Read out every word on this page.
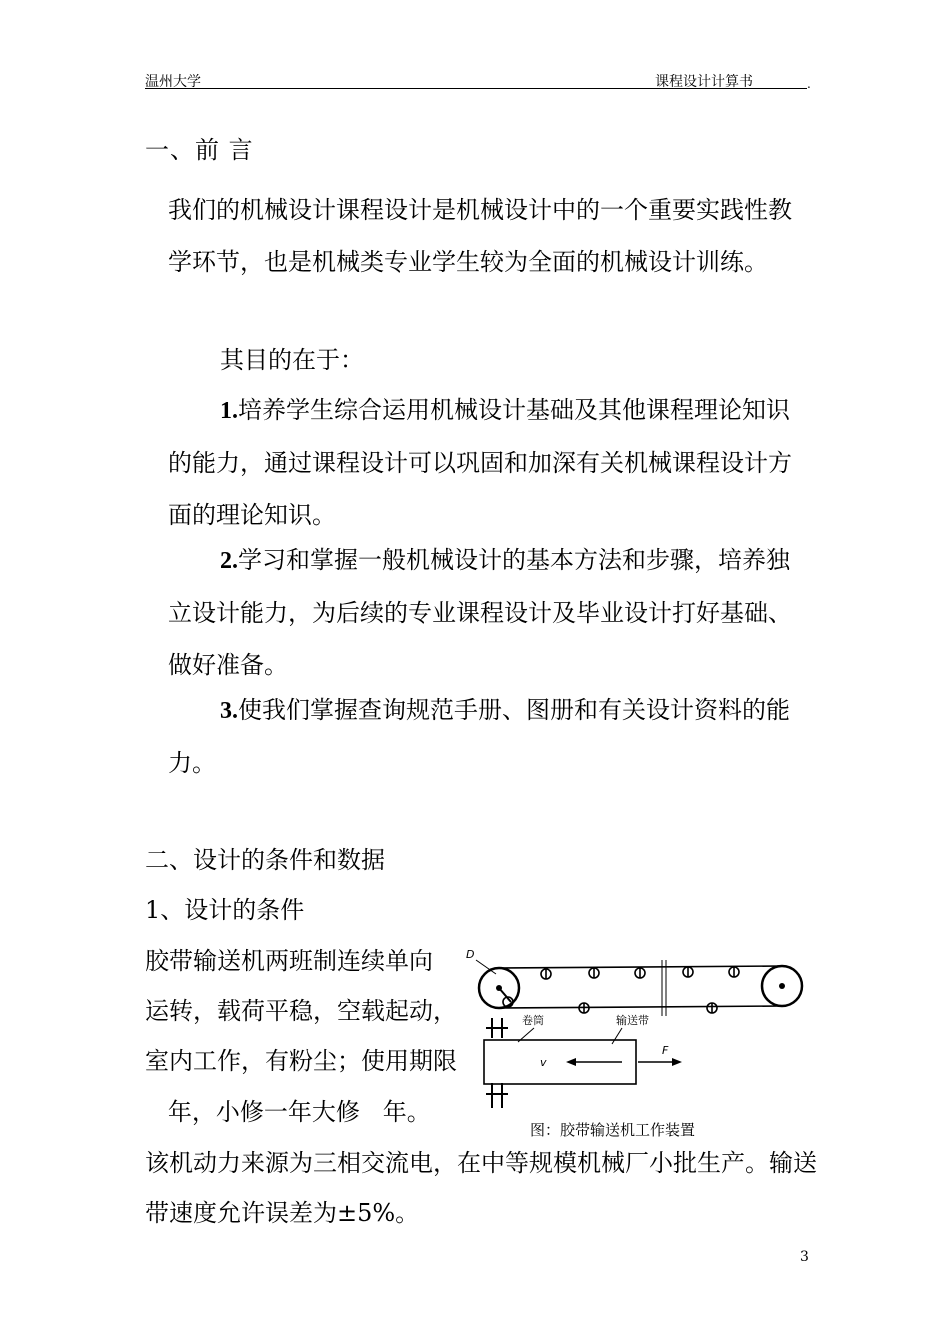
温州大学	课程设计计算书	.
一、前 言
我们的机械设计课程设计是机械设计中的一个重要实践性教学环节，也是机械类专业学生较为全面的机械设计训练。
其目的在于：
1.培养学生综合运用机械设计基础及其他课程理论知识的能力，通过课程设计可以巩固和加深有关机械课程设计方面的理论知识。
2.学习和掌握一般机械设计的基本方法和步骤，培养独立设计能力，为后续的专业课程设计及毕业设计打好基础、做好准备。
3.使我们掌握查询规范手册、图册和有关设计资料的能力。
二、设计的条件和数据
1、设计的条件
胶带输送机两班制连续单向
运转，载荷平稳，空载起动，
室内工作，有粉尘；使用期限
年，小修一年大修   年。
D
卷筒	输送带
v
F
图：胶带输送机工作装置
该机动力来源为三相交流电，在中等规模机械厂小批生产。输送
带速度允许误差为±5%。
3
